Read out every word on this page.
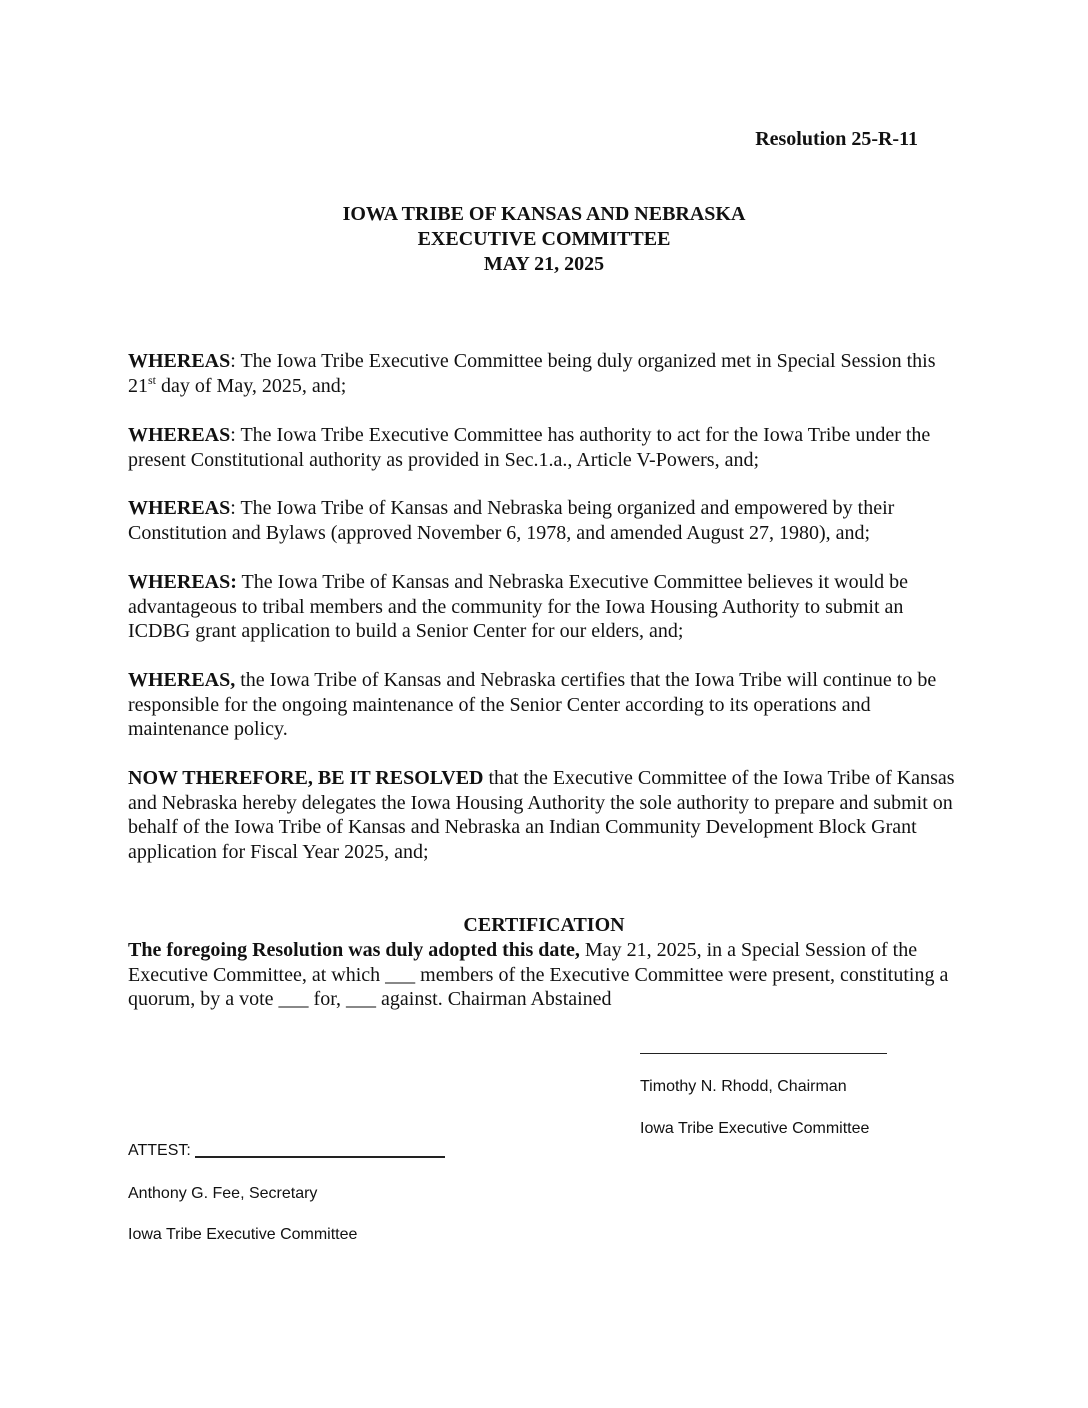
Resolution 25-R-11
IOWA TRIBE OF KANSAS AND NEBRASKA
EXECUTIVE COMMITTEE
MAY 21, 2025
WHEREAS: The Iowa Tribe Executive Committee being duly organized met in Special Session this 21st day of May, 2025, and;
WHEREAS: The Iowa Tribe Executive Committee has authority to act for the Iowa Tribe under the present Constitutional authority as provided in Sec.1.a., Article V-Powers, and;
WHEREAS: The Iowa Tribe of Kansas and Nebraska being organized and empowered by their Constitution and Bylaws (approved November 6, 1978, and amended August 27, 1980), and;
WHEREAS: The Iowa Tribe of Kansas and Nebraska Executive Committee believes it would be advantageous to tribal members and the community for the Iowa Housing Authority to submit an ICDBG grant application to build a Senior Center for our elders, and;
WHEREAS, the Iowa Tribe of Kansas and Nebraska certifies that the Iowa Tribe will continue to be responsible for the ongoing maintenance of the Senior Center according to its operations and maintenance policy.
NOW THEREFORE, BE IT RESOLVED that the Executive Committee of the Iowa Tribe of Kansas and Nebraska hereby delegates the Iowa Housing Authority the sole authority to prepare and submit on behalf of the Iowa Tribe of Kansas and Nebraska an Indian Community Development Block Grant application for Fiscal Year 2025, and;
CERTIFICATION
The foregoing Resolution was duly adopted this date, May 21, 2025, in a Special Session of the Executive Committee, at which ___ members of the Executive Committee were present, constituting a quorum, by a vote ___ for, ___ against. Chairman Abstained
Timothy N. Rhodd, Chairman
Iowa Tribe Executive Committee
ATTEST:
Anthony G. Fee, Secretary
Iowa Tribe Executive Committee
